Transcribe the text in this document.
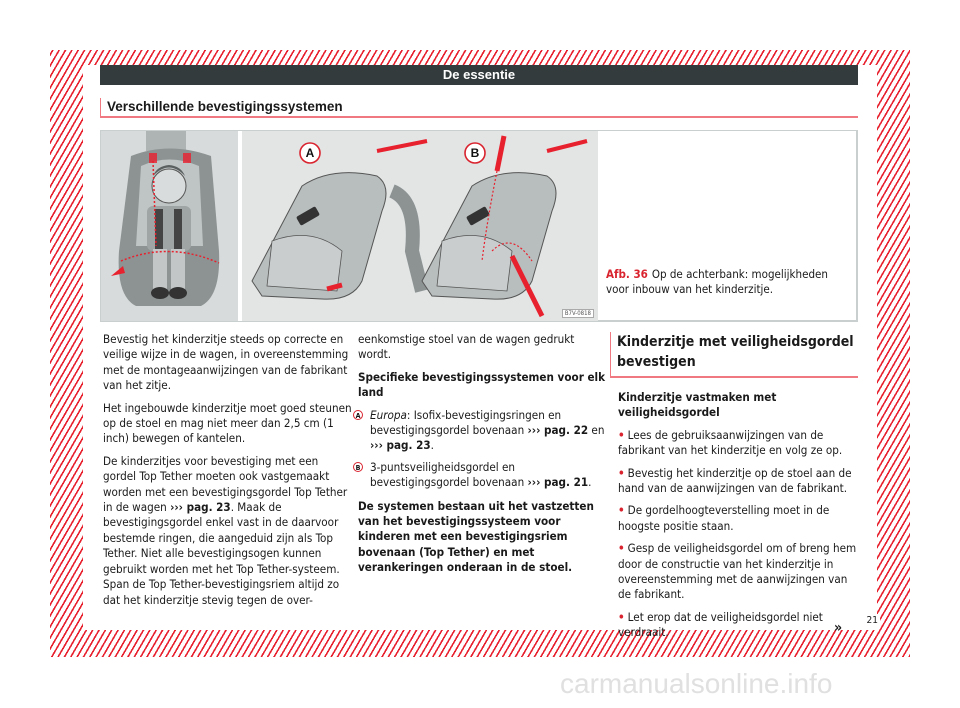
De essentie
Verschillende bevestigingssystemen
A	B
B7V-0818
Afb. 36 Op de achterbank: mogelijkheden voor inbouw van het kinderzitje.

Bevestig het kinderzitje steeds op correcte en veilige wijze in de wagen, in overeenstemming met de montageaanwijzingen van de fabrikant van het zitje.

Het ingebouwde kinderzitje moet goed steunen op de stoel en mag niet meer dan 2,5 cm (1 inch) bewegen of kantelen.

De kinderzitjes voor bevestiging met een gordel Top Tether moeten ook vastgemaakt worden met een bevestigingsgordel Top Tether in de wagen ››› pag. 23. Maak de bevestigingsgordel enkel vast in de daarvoor bestemde ringen, die aangeduid zijn als Top Tether. Niet alle bevestigingsogen kunnen gebruikt worden met het Top Tether-systeem. Span de Top Tether-bevestigingsriem altijd zo dat het kinderzitje stevig tegen de over-

eenkomstige stoel van de wagen gedrukt wordt.

Specifieke bevestigingssystemen voor elk land

A Europa: Isofix-bevestigingsringen en bevestigingsgordel bovenaan ››› pag. 22 en ››› pag. 23.
B 3-puntsveiligheidsgordel en bevestigingsgordel bovenaan ››› pag. 21.

De systemen bestaan uit het vastzetten van het bevestigingssysteem voor kinderen met een bevestigingsriem bovenaan (Top Tether) en met verankeringen onderaan in de stoel.

Kinderzitje met veiligheidsgordel bevestigen

Kinderzitje vastmaken met veiligheidsgordel

• Lees de gebruiksaanwijzingen van de fabrikant van het kinderzitje en volg ze op.

• Bevestig het kinderzitje op de stoel aan de hand van de aanwijzingen van de fabrikant.

• De gordelhoogteverstelling moet in de hoogste positie staan.

• Gesp de veiligheidsgordel om of breng hem door de constructie van het kinderzitje in overeenstemming met de aanwijzingen van de fabrikant.

• Let erop dat de veiligheidsgordel niet verdraait.	»	21
carmanualsonline.info
